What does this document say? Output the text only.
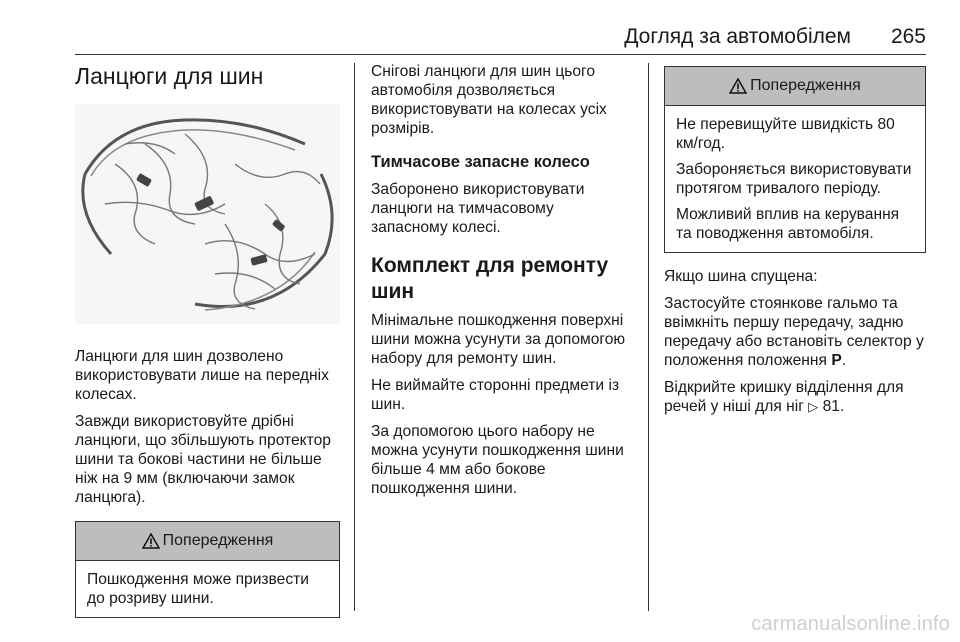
Догляд за автомобілем 265
Ланцюги для шин

Ланцюги для шин дозволено використовувати лише на передніх колесах.

Завжди використовуйте дрібні ланцюги, що збільшують протектор шини та бокові частини не більше ніж на 9 мм (включаючи замок ланцюга).

Попередження

Пошкодження може призвести до розриву шини.

Снігові ланцюги для шин цього автомобіля дозволяється використовувати на колесах усіх розмірів.

Тимчасове запасне колесо

Заборонено використовувати ланцюги на тимчасовому запасному колесі.

Комплект для ремонту шин

Мінімальне пошкодження поверхні шини можна усунути за допомогою набору для ремонту шин.

Не виймайте сторонні предмети із шин.

За допомогою цього набору не можна усунути пошкодження шини більше 4 мм або бокове пошкодження шини.

Попередження

Не перевищуйте швидкість 80 км/год.

Забороняється використовувати протягом тривалого періоду.

Можливий вплив на керування та поводження автомобіля.

Якщо шина спущена:

Застосуйте стоянкове гальмо та ввімкніть першу передачу, задню передачу або встановіть селектор у положення положення P.

Відкрийте кришку відділення для речей у ніші для ніг ▷ 81.

carmanualsonline.info
